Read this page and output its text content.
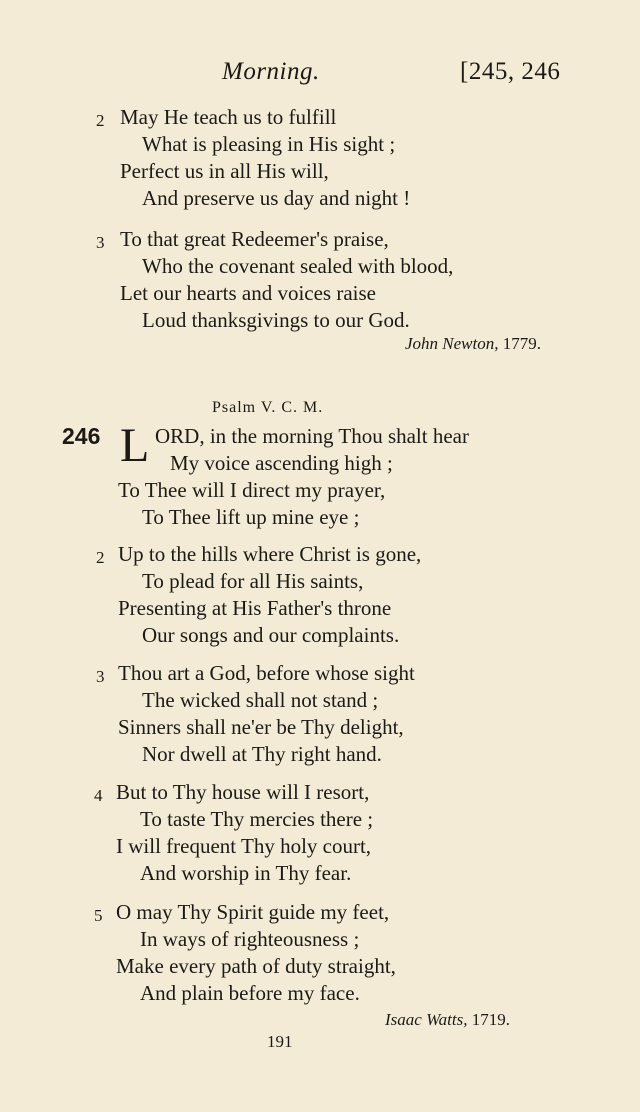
Morning.	[245, 246
2 May He teach us to fulfill
What is pleasing in His sight ;
Perfect us in all His will,
And preserve us day and night !
3 To that great Redeemer's praise,
Who the covenant sealed with blood,
Let our hearts and voices raise
Loud thanksgivings to our God.
John Newton, 1779.
Psalm V. C. M.
246 L ORD, in the morning Thou shalt hear
My voice ascending high ;
To Thee will I direct my prayer,
To Thee lift up mine eye ;
2 Up to the hills where Christ is gone,
To plead for all His saints,
Presenting at His Father's throne
Our songs and our complaints.
3 Thou art a God, before whose sight
The wicked shall not stand ;
Sinners shall ne'er be Thy delight,
Nor dwell at Thy right hand.
4 But to Thy house will I resort,
To taste Thy mercies there ;
I will frequent Thy holy court,
And worship in Thy fear.
5 O may Thy Spirit guide my feet,
In ways of righteousness ;
Make every path of duty straight,
And plain before my face.
Isaac Watts, 1719.
191
